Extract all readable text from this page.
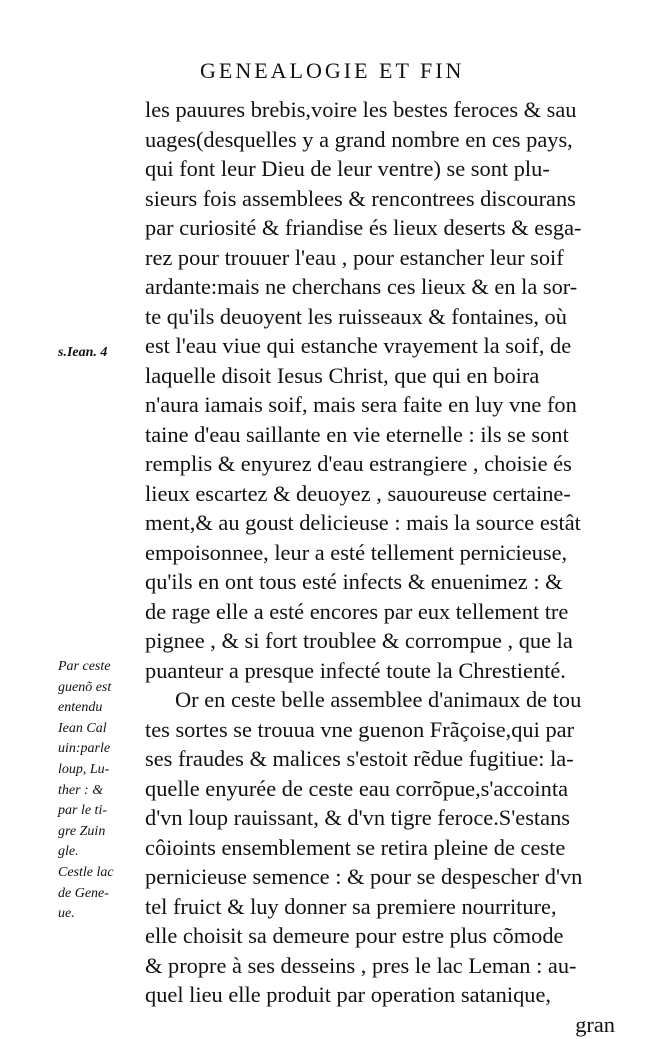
GENEALOGIE ET FIN
s.Iean. 4
Par ceste
guenõ est
entendu
Iean Cal
uin:parle
loup, Lu-
ther : &
par le ti-
gre Zuin
gle.
Cestle lac
de Gene-
ue.
les pauures brebis,voire les bestes feroces & sau
uages(desquelles y a grand nombre en ces pays,
qui font leur Dieu de leur ventre) se sont plu-
sieurs fois assemblees & rencontrees discourans
par curiosité & friandise és lieux deserts & esga-
rez pour trouuer l'eau , pour estancher leur soif
ardante:mais ne cherchans ces lieux & en la sor-
te qu'ils deuoyent les ruisseaux & fontaines, où
est l'eau viue qui estanche vrayement la soif, de
laquelle disoit Iesus Christ, que qui en boira
n'aura iamais soif, mais sera faite en luy vne fon
taine d'eau saillante en vie eternelle : ils se sont
remplis & enyurez d'eau estrangiere , choisie és
lieux escartez & deuoyez , sauoureuse certaine-
ment,& au goust delicieuse : mais la source estât
empoisonnee, leur a esté tellement pernicieuse,
qu'ils en ont tous esté infects & enuenimez : &
de rage elle a esté encores par eux tellement tre
pignee , & si fort troublee & corrompue , que la
puanteur a presque infecté toute la Chrestienté.
Or en ceste belle assemblee d'animaux de tou
tes sortes se trouua vne guenon Frãçoise,qui par
ses fraudes & malices s'estoit rẽdue fugitiue: la-
quelle enyurée de ceste eau corrõpue,s'accointa
d'vn loup rauissant, & d'vn tigre feroce.S'estans
côioints ensemblement se retira pleine de ceste
pernicieuse semence : & pour se despescher d'vn
tel fruict & luy donner sa premiere nourriture,
elle choisit sa demeure pour estre plus cõmode
& propre à ses desseins , pres le lac Leman : au-
quel lieu elle produit par operation satanique,
gran
